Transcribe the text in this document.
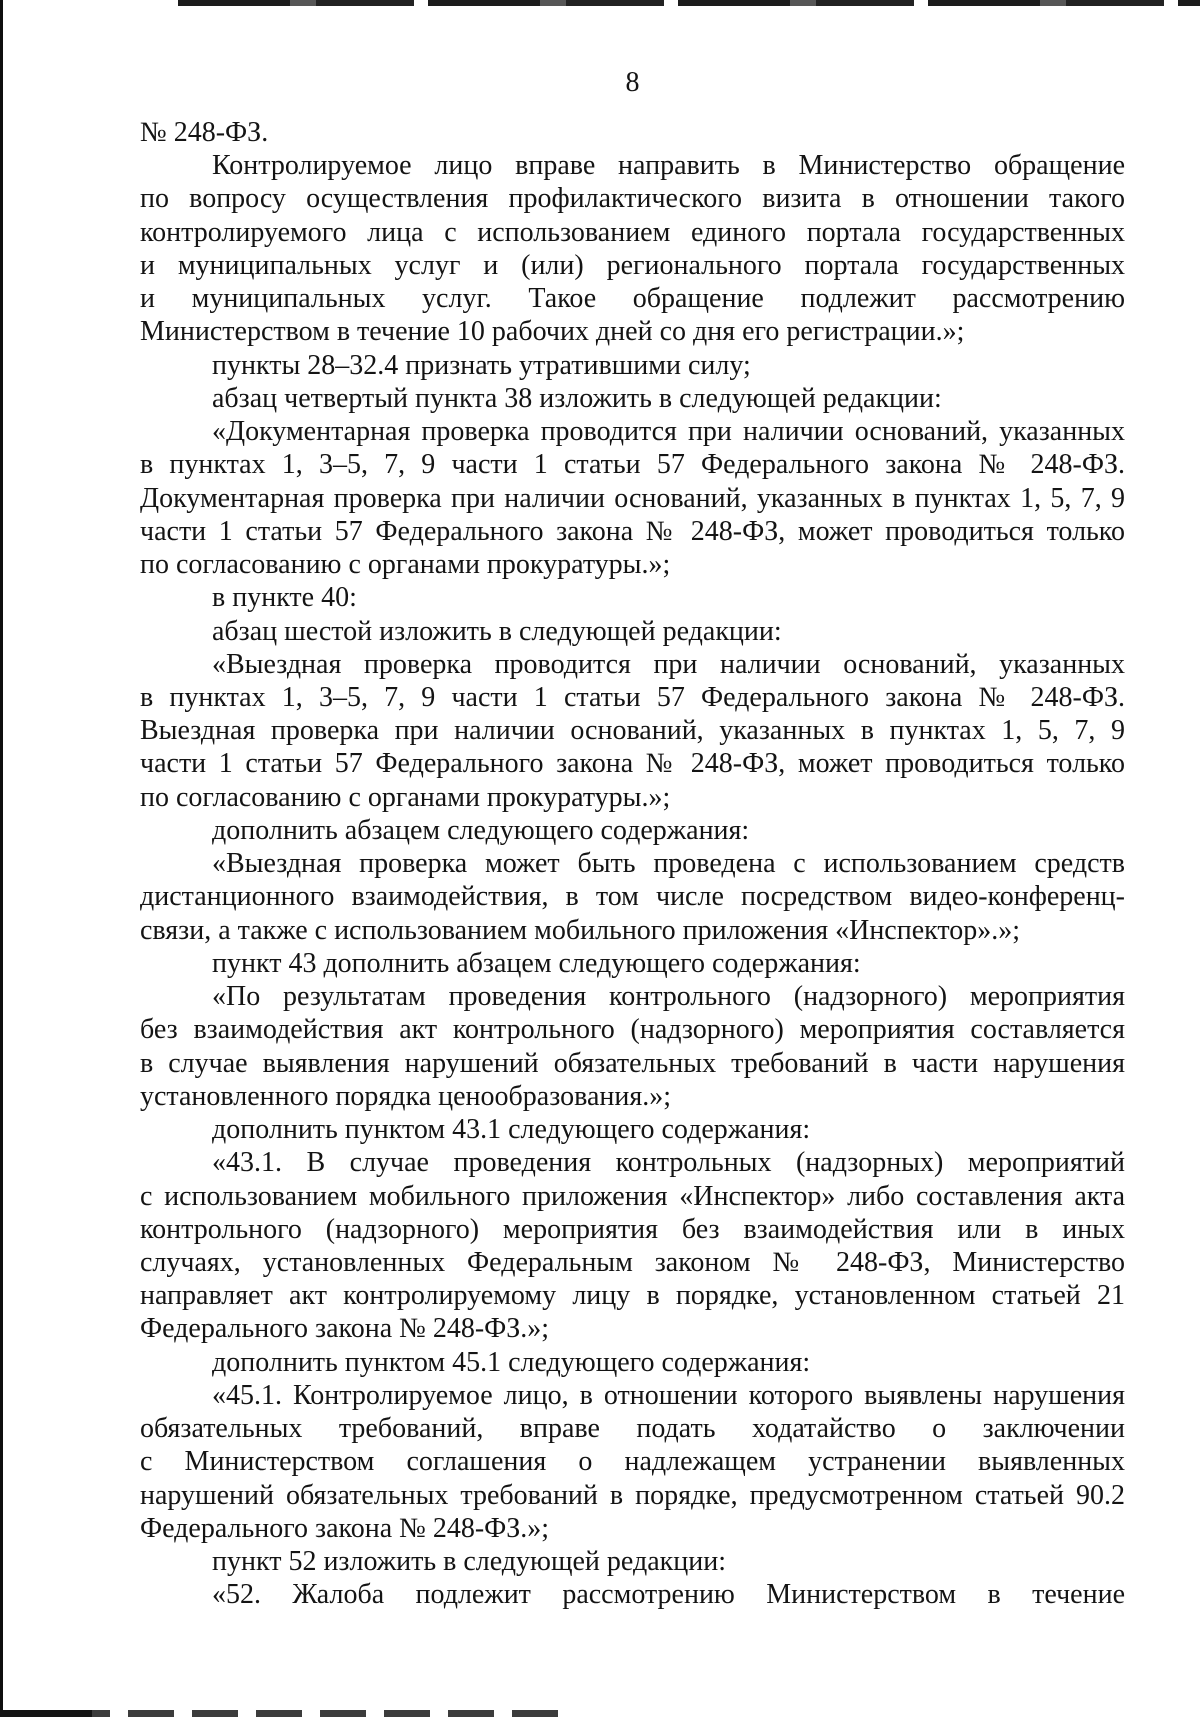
8
№ 248-ФЗ.
Контролируемое лицо вправе направить в Министерство обращение
по вопросу осуществления профилактического визита в отношении такого
контролируемого лица с использованием единого портала государственных
и муниципальных услуг и (или) регионального портала государственных
и муниципальных услуг. Такое обращение подлежит рассмотрению
Министерством в течение 10 рабочих дней со дня его регистрации.»;
пункты 28–32.4 признать утратившими силу;
абзац четвертый пункта 38 изложить в следующей редакции:
«Документарная проверка проводится при наличии оснований, указанных
в пунктах 1, 3–5, 7, 9 части 1 статьи 57 Федерального закона № 248-ФЗ.
Документарная проверка при наличии оснований, указанных в пунктах 1, 5, 7, 9
части 1 статьи 57 Федерального закона № 248-ФЗ, может проводиться только
по согласованию с органами прокуратуры.»;
в пункте 40:
абзац шестой изложить в следующей редакции:
«Выездная проверка проводится при наличии оснований, указанных
в пунктах 1, 3–5, 7, 9 части 1 статьи 57 Федерального закона № 248-ФЗ.
Выездная проверка при наличии оснований, указанных в пунктах 1, 5, 7, 9
части 1 статьи 57 Федерального закона № 248-ФЗ, может проводиться только
по согласованию с органами прокуратуры.»;
дополнить абзацем следующего содержания:
«Выездная проверка может быть проведена с использованием средств
дистанционного взаимодействия, в том числе посредством видео-конференц-
связи, а также с использованием мобильного приложения «Инспектор».»;
пункт 43 дополнить абзацем следующего содержания:
«По результатам проведения контрольного (надзорного) мероприятия
без взаимодействия акт контрольного (надзорного) мероприятия составляется
в случае выявления нарушений обязательных требований в части нарушения
установленного порядка ценообразования.»;
дополнить пунктом 43.1 следующего содержания:
«43.1. В случае проведения контрольных (надзорных) мероприятий
с использованием мобильного приложения «Инспектор» либо составления акта
контрольного (надзорного) мероприятия без взаимодействия или в иных
случаях, установленных Федеральным законом № 248-ФЗ, Министерство
направляет акт контролируемому лицу в порядке, установленном статьей 21
Федерального закона № 248-ФЗ.»;
дополнить пунктом 45.1 следующего содержания:
«45.1. Контролируемое лицо, в отношении которого выявлены нарушения
обязательных требований, вправе подать ходатайство о заключении
с Министерством соглашения о надлежащем устранении выявленных
нарушений обязательных требований в порядке, предусмотренном статьей 90.2
Федерального закона № 248-ФЗ.»;
пункт 52 изложить в следующей редакции:
«52. Жалоба подлежит рассмотрению Министерством в течение
